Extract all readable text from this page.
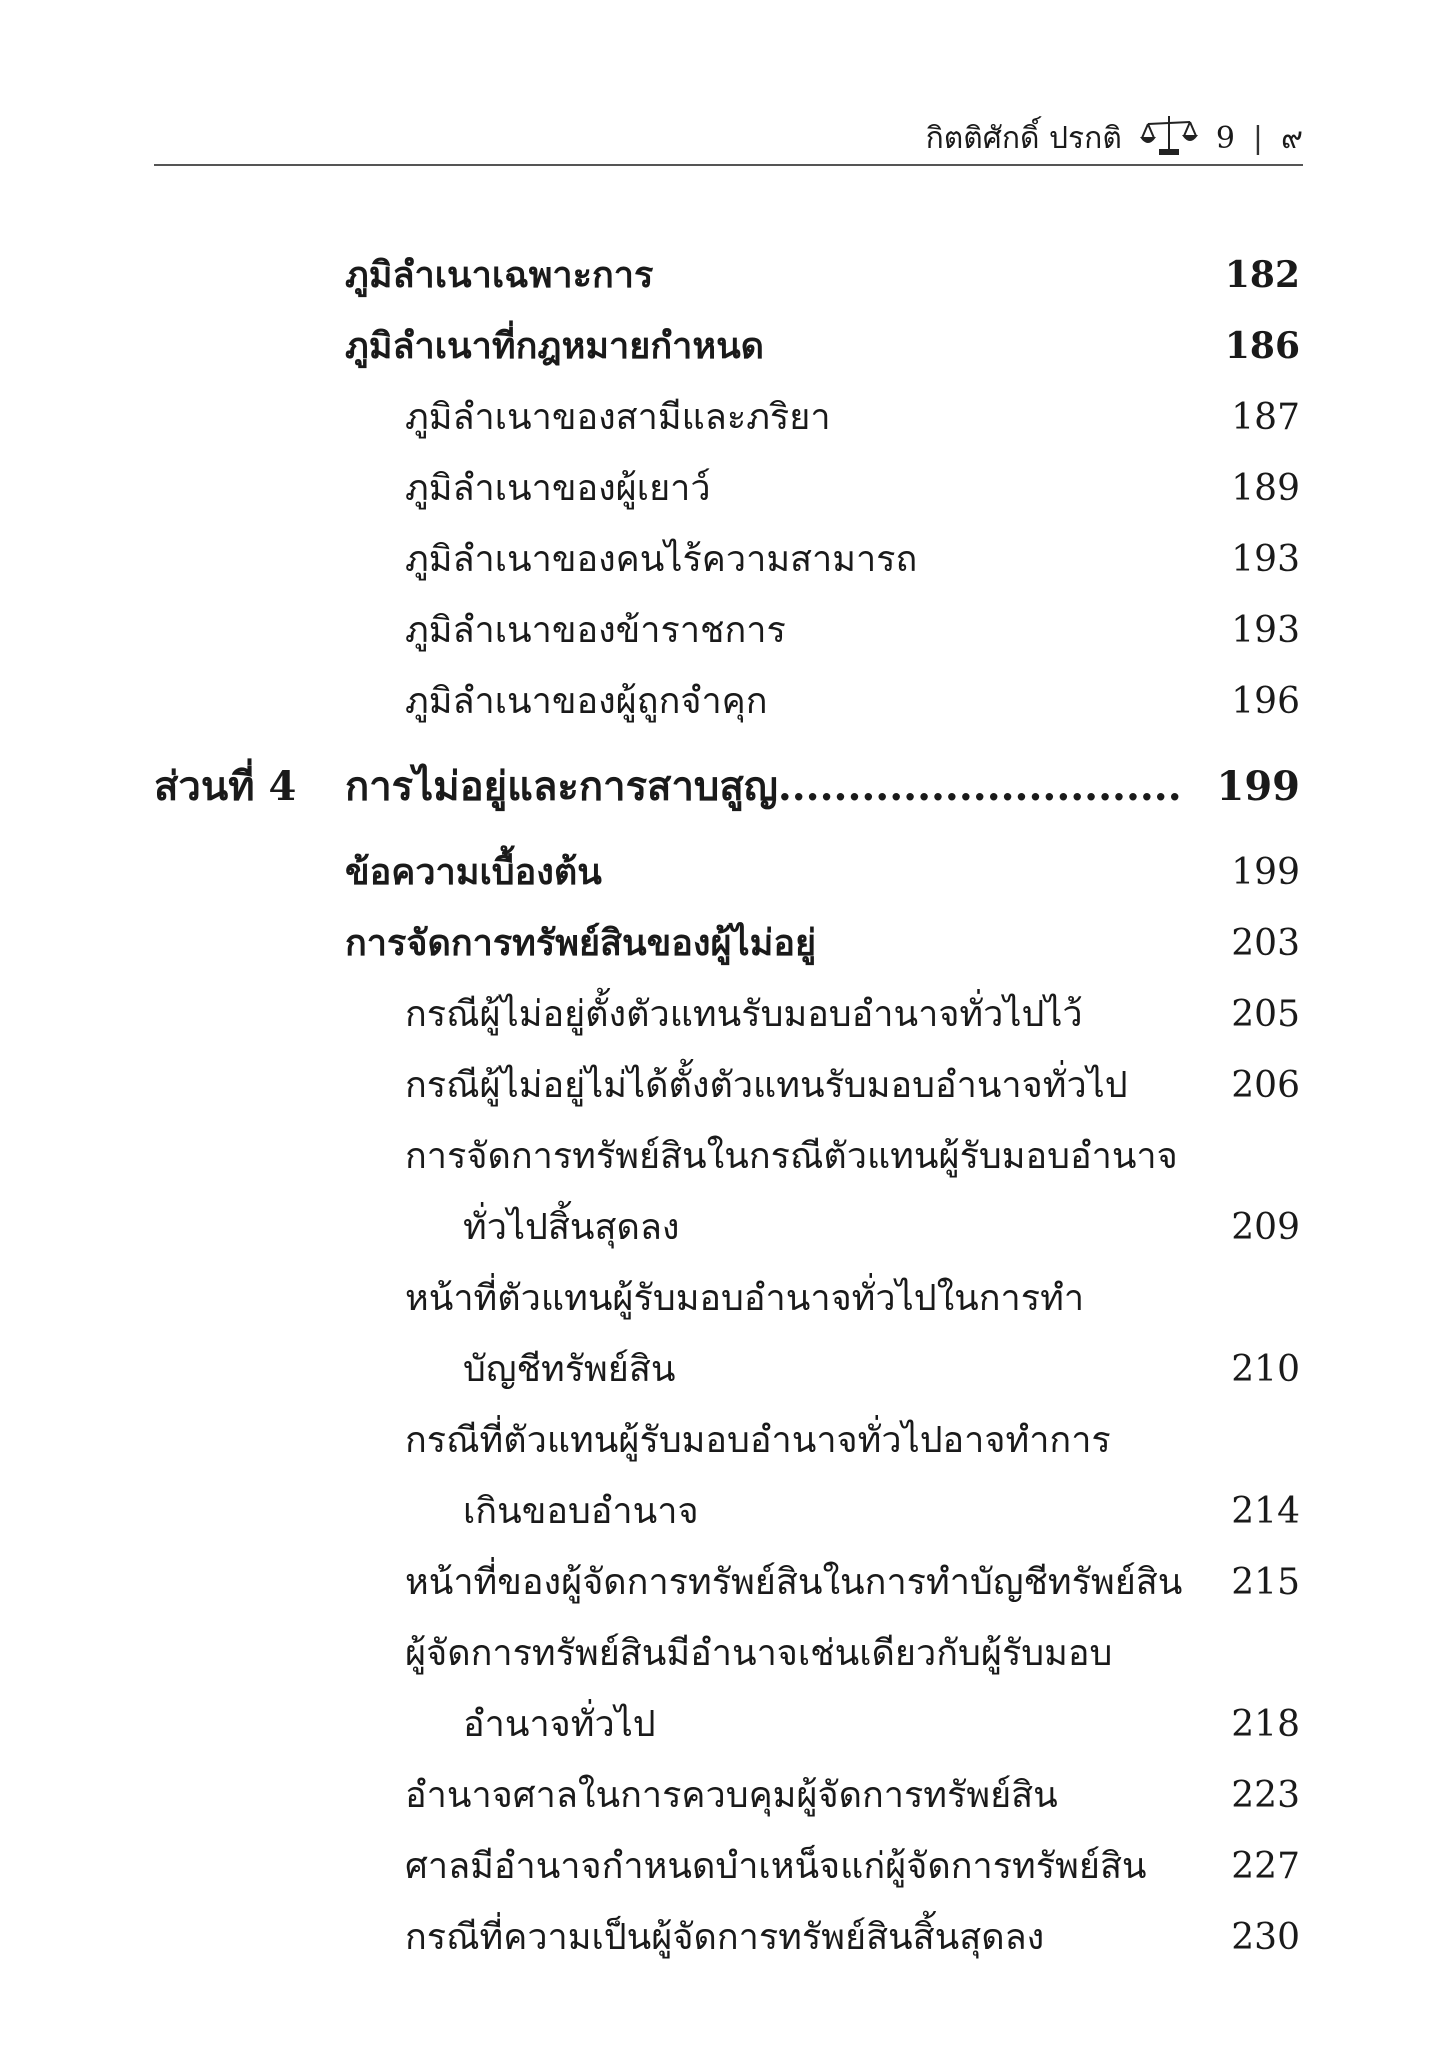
กิตติศักดิ์ ปรกติ	9 | ๙
ภูมิลำเนาเฉพาะการ	182
ภูมิลำเนาที่กฎหมายกำหนด	186
ภูมิลำเนาของสามีและภริยา	187
ภูมิลำเนาของผู้เยาว์	189
ภูมิลำเนาของคนไร้ความสามารถ	193
ภูมิลำเนาของข้าราชการ	193
ภูมิลำเนาของผู้ถูกจำคุก	196
ส่วนที่ 4 การไม่อยู่และการสาบสูญ............................. 199
ข้อความเบื้องต้น	199
การจัดการทรัพย์สินของผู้ไม่อยู่	203
กรณีผู้ไม่อยู่ตั้งตัวแทนรับมอบอำนาจทั่วไปไว้	205
กรณีผู้ไม่อยู่ไม่ได้ตั้งตัวแทนรับมอบอำนาจทั่วไป	206
การจัดการทรัพย์สินในกรณีตัวแทนผู้รับมอบอำนาจ
ทั่วไปสิ้นสุดลง	209
หน้าที่ตัวแทนผู้รับมอบอำนาจทั่วไปในการทำ
บัญชีทรัพย์สิน	210
กรณีที่ตัวแทนผู้รับมอบอำนาจทั่วไปอาจทำการ
เกินขอบอำนาจ	214
หน้าที่ของผู้จัดการทรัพย์สินในการทำบัญชีทรัพย์สิน 215
ผู้จัดการทรัพย์สินมีอำนาจเช่นเดียวกับผู้รับมอบ
อำนาจทั่วไป	218
อำนาจศาลในการควบคุมผู้จัดการทรัพย์สิน	223
ศาลมีอำนาจกำหนดบำเหน็จแก่ผู้จัดการทรัพย์สิน 227
กรณีที่ความเป็นผู้จัดการทรัพย์สินสิ้นสุดลง	230
